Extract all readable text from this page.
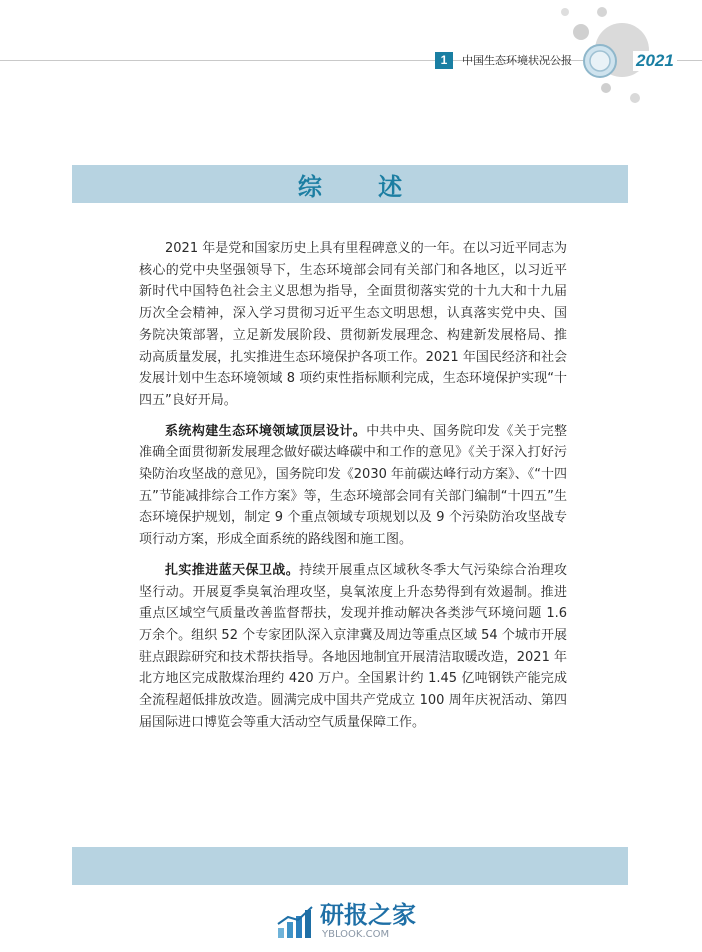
1	中国生态环境状况公报	2021
综 述

2021 年是党和国家历史上具有里程碑意义的一年。在以习近平同志为核心的党中央坚强领导下，生态环境部会同有关部门和各地区，以习近平新时代中国特色社会主义思想为指导，全面贯彻落实党的十九大和十九届历次全会精神，深入学习贯彻习近平生态文明思想，认真落实党中央、国务院决策部署，立足新发展阶段、贯彻新发展理念、构建新发展格局、推动高质量发展，扎实推进生态环境保护各项工作。2021 年国民经济和社会发展计划中生态环境领域 8 项约束性指标顺利完成，生态环境保护实现“十四五”良好开局。

系统构建生态环境领域顶层设计。中共中央、国务院印发《关于完整准确全面贯彻新发展理念做好碳达峰碳中和工作的意见》《关于深入打好污染防治攻坚战的意见》，国务院印发《2030 年前碳达峰行动方案》、《“十四五”节能减排综合工作方案》等，生态环境部会同有关部门编制“十四五”生态环境保护规划，制定 9 个重点领域专项规划以及 9 个污染防治攻坚战专项行动方案，形成全面系统的路线图和施工图。

扎实推进蓝天保卫战。持续开展重点区域秋冬季大气污染综合治理攻坚行动。开展夏季臭氧治理攻坚，臭氧浓度上升态势得到有效遏制。推进重点区域空气质量改善监督帮扶，发现并推动解决各类涉气环境问题 1.6 万余个。组织 52 个专家团队深入京津冀及周边等重点区域 54 个城市开展驻点跟踪研究和技术帮扶指导。各地因地制宜开展清洁取暖改造，2021 年北方地区完成散煤治理约 420 万户。全国累计约 1.45 亿吨钢铁产能完成全流程超低排放改造。圆满完成中国共产党成立 100 周年庆祝活动、第四届国际进口博览会等重大活动空气质量保障工作。

研报之家
YBLOOK.COM
